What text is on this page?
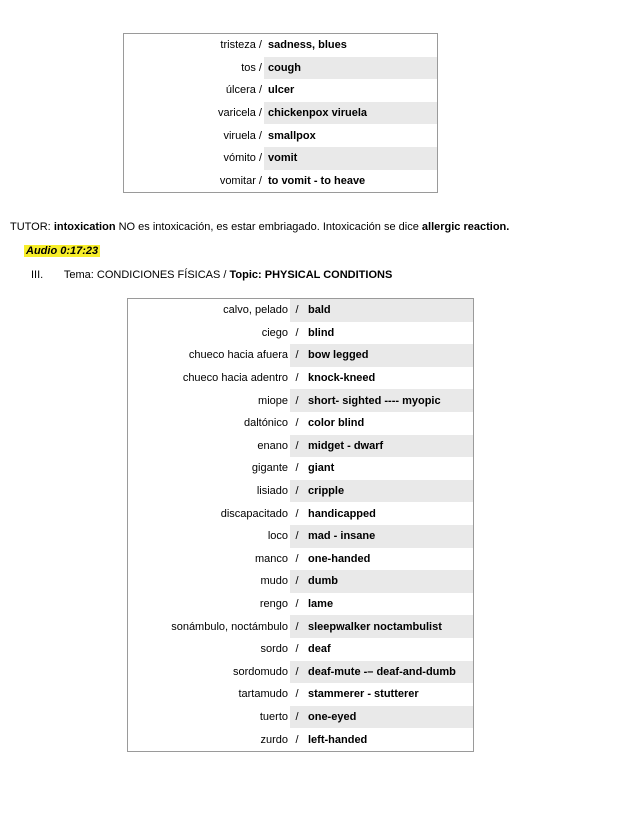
tristeza / sadness, blues
tos / cough
úlcera / ulcer
varicela / chickenpox viruela
viruela / smallpox
vómito / vomit
vomitar / to vomit - to heave
TUTOR: intoxication NO es intoxicación, es estar embriagado. Intoxicación se dice allergic reaction.
Audio 0:17:23
III. Tema: CONDICIONES FÍSICAS / Topic: PHYSICAL CONDITIONS
calvo, pelado / bald
ciego / blind
chueco hacia afuera / bow legged
chueco hacia adentro / knock-kneed
miope / short- sighted ---- myopic
daltónico / color blind
enano / midget - dwarf
gigante / giant
lisiado / cripple
discapacitado / handicapped
loco / mad - insane
manco / one-handed
mudo / dumb
rengo / lame
sonámbulo, noctámbulo / sleepwalker noctambulist
sordo / deaf
sordomudo / deaf-mute -– deaf-and-dumb
tartamudo / stammerer - stutterer
tuerto / one-eyed
zurdo / left-handed
